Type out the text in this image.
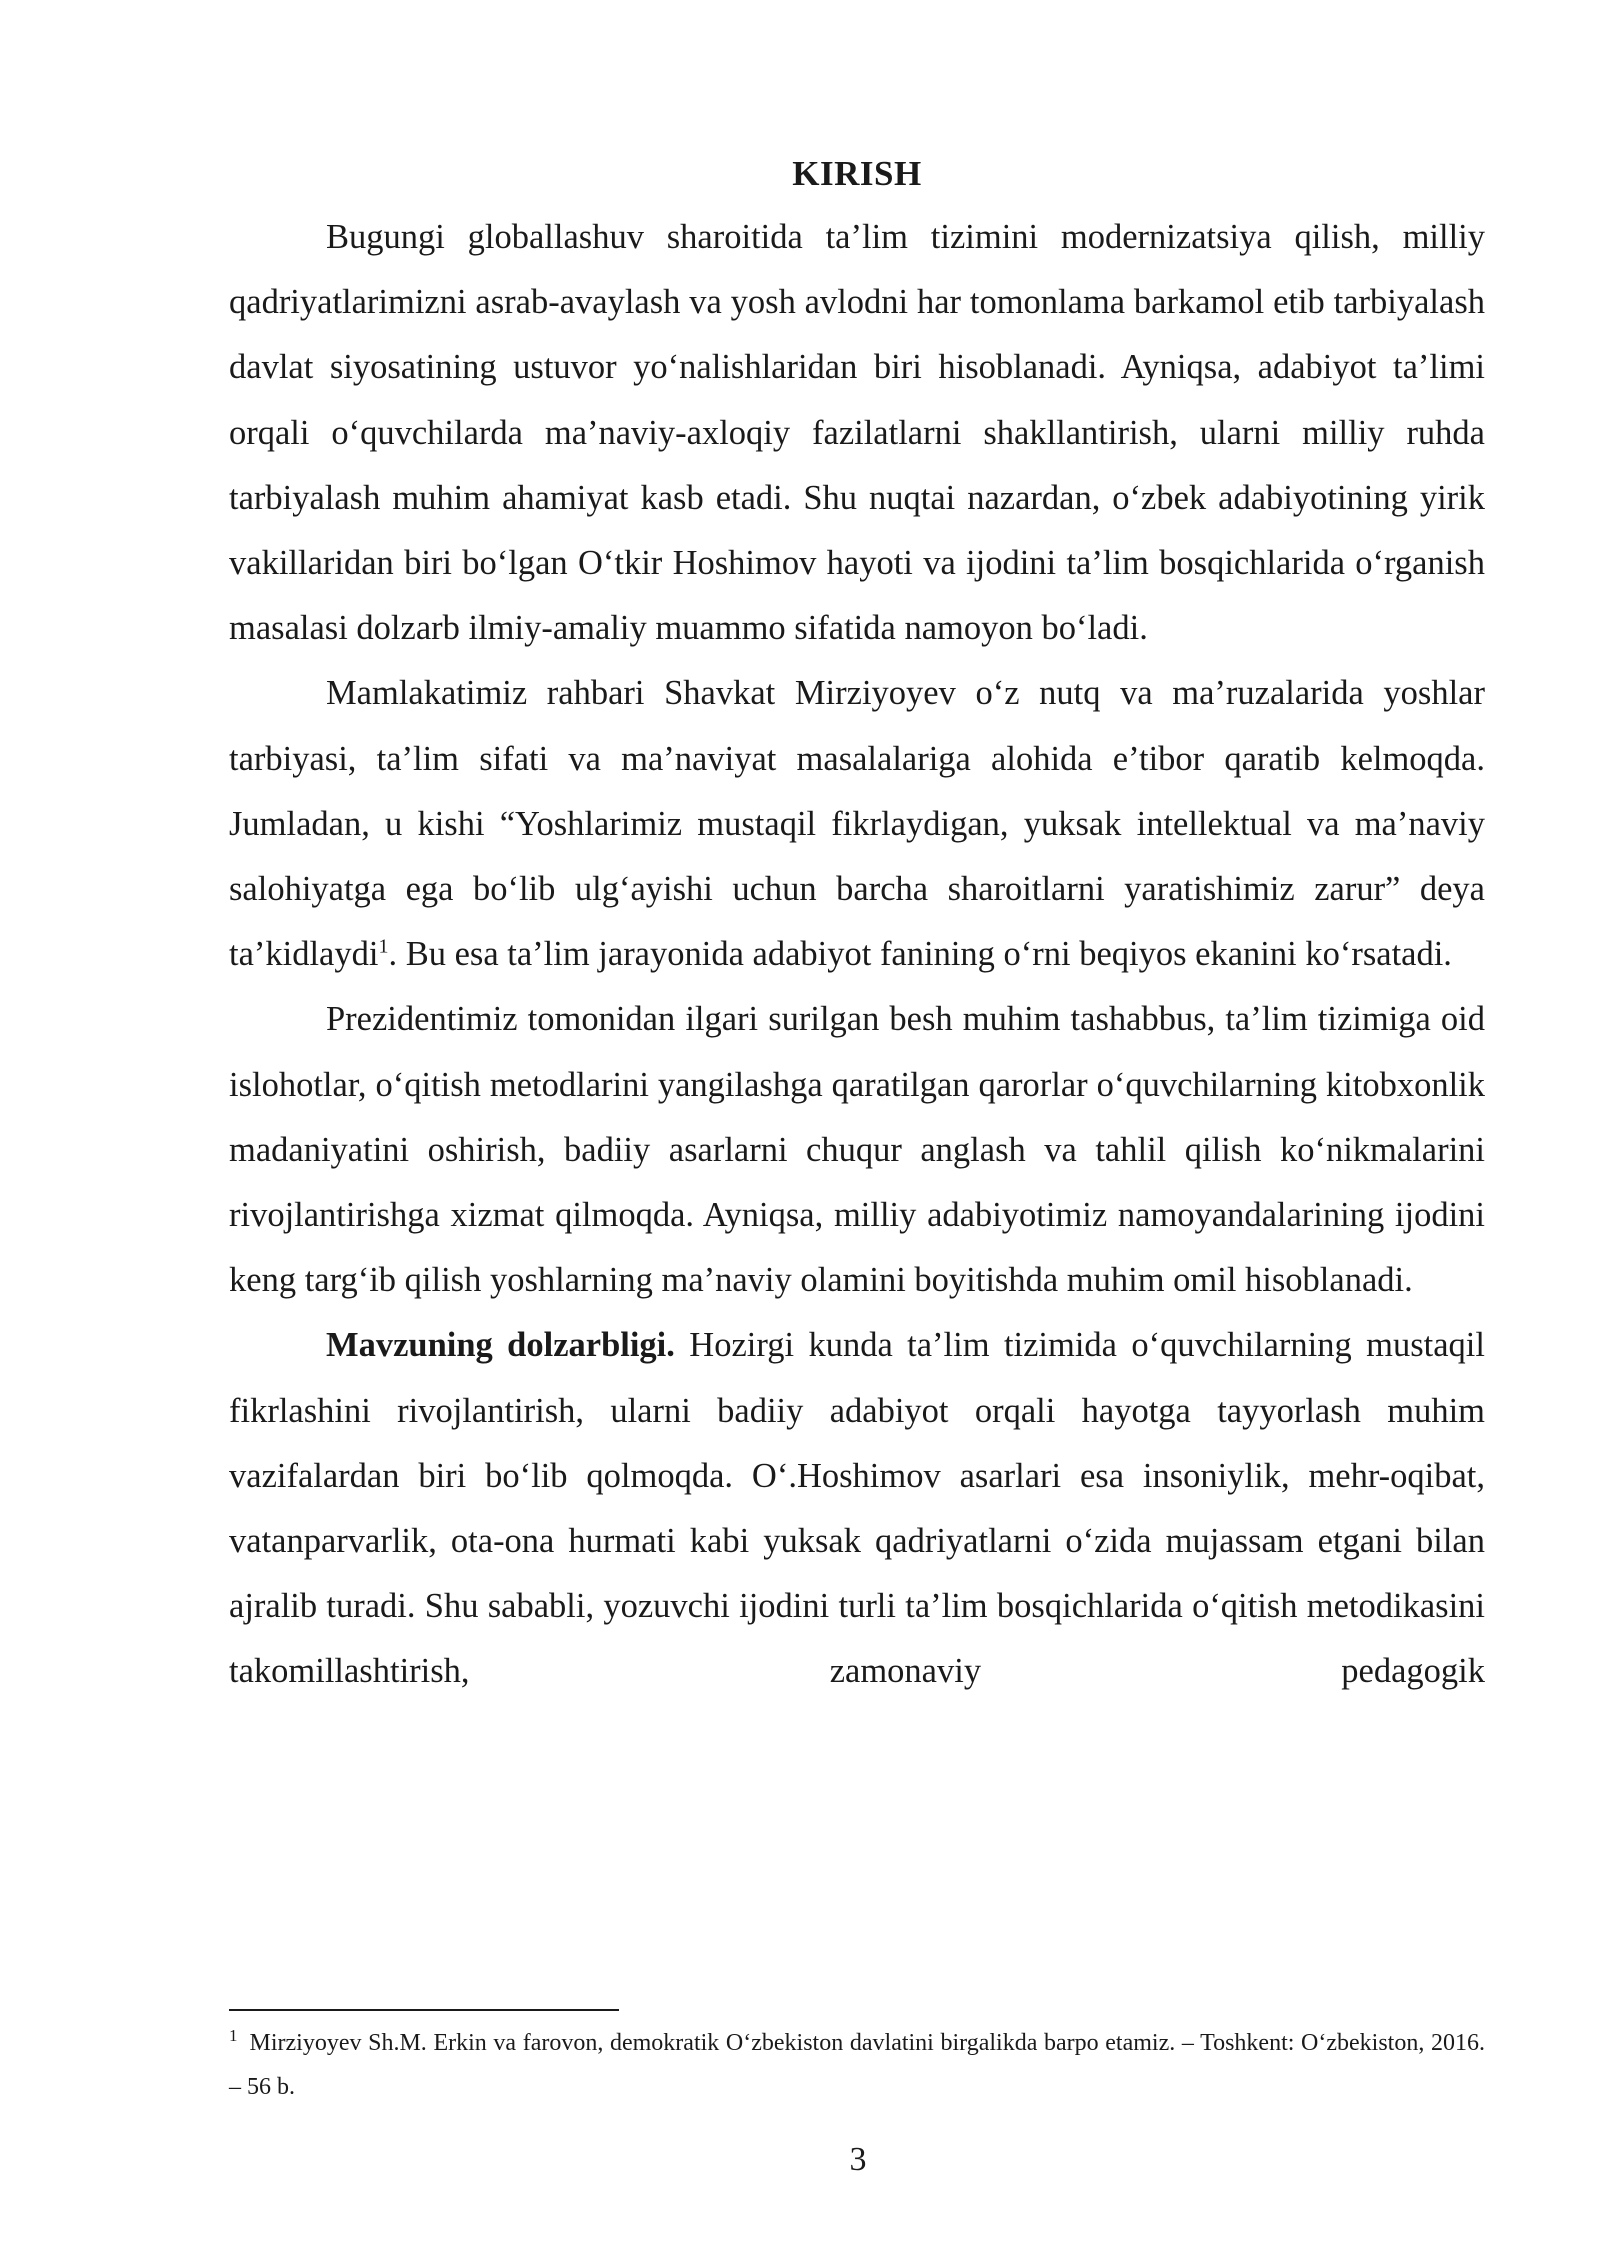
KIRISH

Bugungi globallashuv sharoitida ta’lim tizimini modernizatsiya qilish, milliy qadriyatlarimizni asrab-avaylash va yosh avlodni har tomonlama barkamol etib tarbiyalash davlat siyosatining ustuvor yo‘nalishlaridan biri hisoblanadi. Ayniqsa, adabiyot ta’limi orqali o‘quvchilarda ma’naviy-axloqiy fazilatlarni shakllantirish, ularni milliy ruhda tarbiyalash muhim ahamiyat kasb etadi. Shu nuqtai nazardan, o‘zbek adabiyotining yirik vakillaridan biri bo‘lgan O‘tkir Hoshimov hayoti va ijodini ta’lim bosqichlarida o‘rganish masalasi dolzarb ilmiy-amaliy muammo sifatida namoyon bo‘ladi.

Mamlakatimiz rahbari Shavkat Mirziyoyev o‘z nutq va ma’ruzalarida yoshlar tarbiyasi, ta’lim sifati va ma’naviyat masalalariga alohida e’tibor qaratib kelmoqda. Jumladan, u kishi “Yoshlarimiz mustaqil fikrlaydigan, yuksak intellektual va ma’naviy salohiyatga ega bo‘lib ulg‘ayishi uchun barcha sharoitlarni yaratishimiz zarur” deya ta’kidlaydi$^1$. Bu esa ta’lim jarayonida adabiyot fanining o‘rni beqiyos ekanini ko‘rsatadi.

Prezidentimiz tomonidan ilgari surilgan besh muhim tashabbus, ta’lim tizimiga oid islohotlar, o‘qitish metodlarini yangilashga qaratilgan qarorlar o‘quvchilarning kitobxonlik madaniyatini oshirish, badiiy asarlarni chuqur anglash va tahlil qilish ko‘nikmalarini rivojlantirishga xizmat qilmoqda. Ayniqsa, milliy adabiyotimiz namoyandalarining ijodini keng targ‘ib qilish yoshlarning ma’naviy olamini boyitishda muhim omil hisoblanadi.

Mavzuning dolzarbligi. Hozirgi kunda ta’lim tizimida o‘quvchilarning mustaqil fikrlashini rivojlantirish, ularni badiiy adabiyot orqali hayotga tayyorlash muhim vazifalardan biri bo‘lib qolmoqda. O‘.Hoshimov asarlari esa insoniylik, mehr-oqibat, vatanparvarlik, ota-ona hurmati kabi yuksak qadriyatlarni o‘zida mujassam etgani bilan ajralib turadi. Shu sababli, yozuvchi ijodini turli ta’lim bosqichlarida o‘qitish metodikasini takomillashtirish, zamonaviy pedagogik

$^1$ Mirziyoyev Sh.M. Erkin va farovon, demokratik O‘zbekiston davlatini birgalikda barpo etamiz. – Toshkent: O‘zbekiston, 2016. – 56 b.

3
